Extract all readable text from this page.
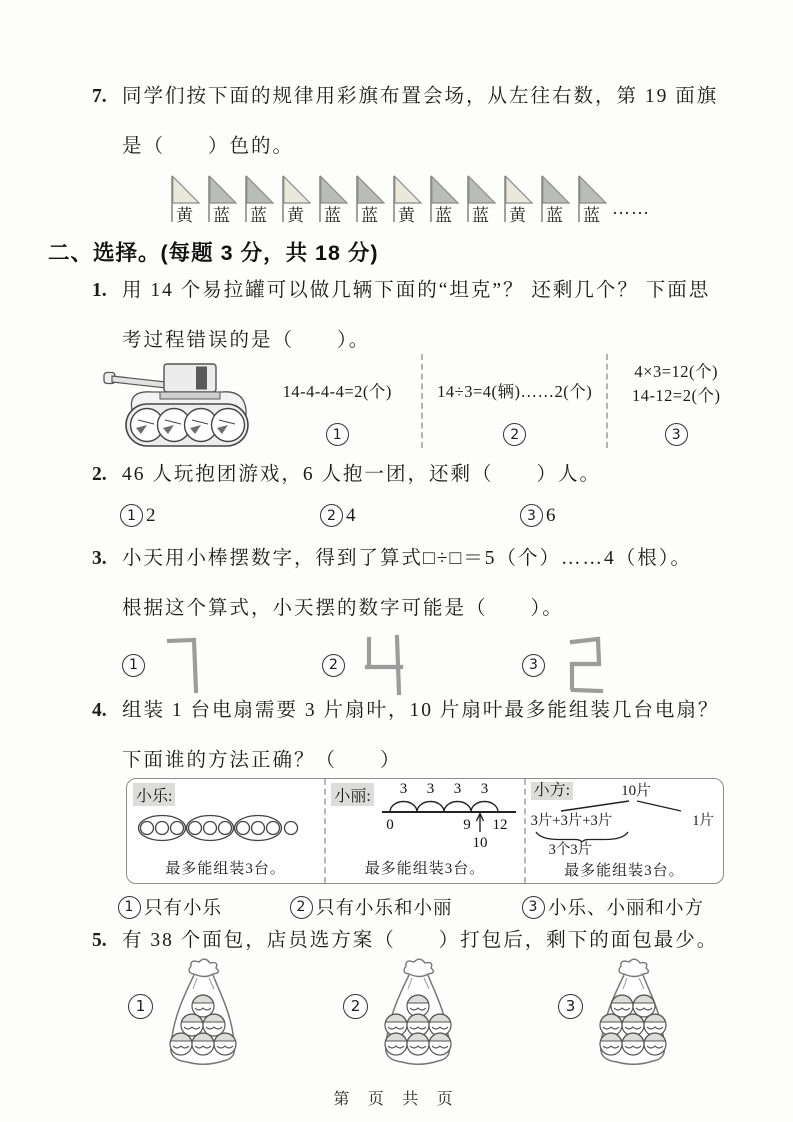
7. 同学们按下面的规律用彩旗布置会场，从左往右数，第 19 面旗
是（　　）色的。
黄 蓝 蓝 黄 蓝 蓝 黄 蓝 蓝 黄 蓝 蓝 ……
二、选择。(每题 3 分，共 18 分)
1. 用 14 个易拉罐可以做几辆下面的“坦克”？ 还剩几个？ 下面思
考过程错误的是（　　）。
14-4-4-4=2(个)
1
14÷3=4(辆)……2(个)
2
4×3=12(个)
14-12=2(个)
3
2. 46 人玩抱团游戏，6 人抱一团，还剩（　　）人。
1 2	2 4	3 6
3. 小天用小棒摆数字，得到了算式□÷□＝5（个）……4（根）。
根据这个算式，小天摆的数字可能是（　　）。
1	2	3
4. 组装 1 台电扇需要 3 片扇叶，10 片扇叶最多能组装几台电扇？
下面谁的方法正确？（　　）
小乐:
最多能组装3台。
小丽: 3 3 3 3
0	9 12
10
最多能组装3台。
小方:	10片
3片+3片+3片	1片
3个3片
最多能组装3台。
1 只有小乐	2 只有小乐和小丽	3 小乐、小丽和小方
5. 有 38 个面包，店员选方案（　　）打包后，剩下的面包最少。
1	2	3
第 页 共 页
